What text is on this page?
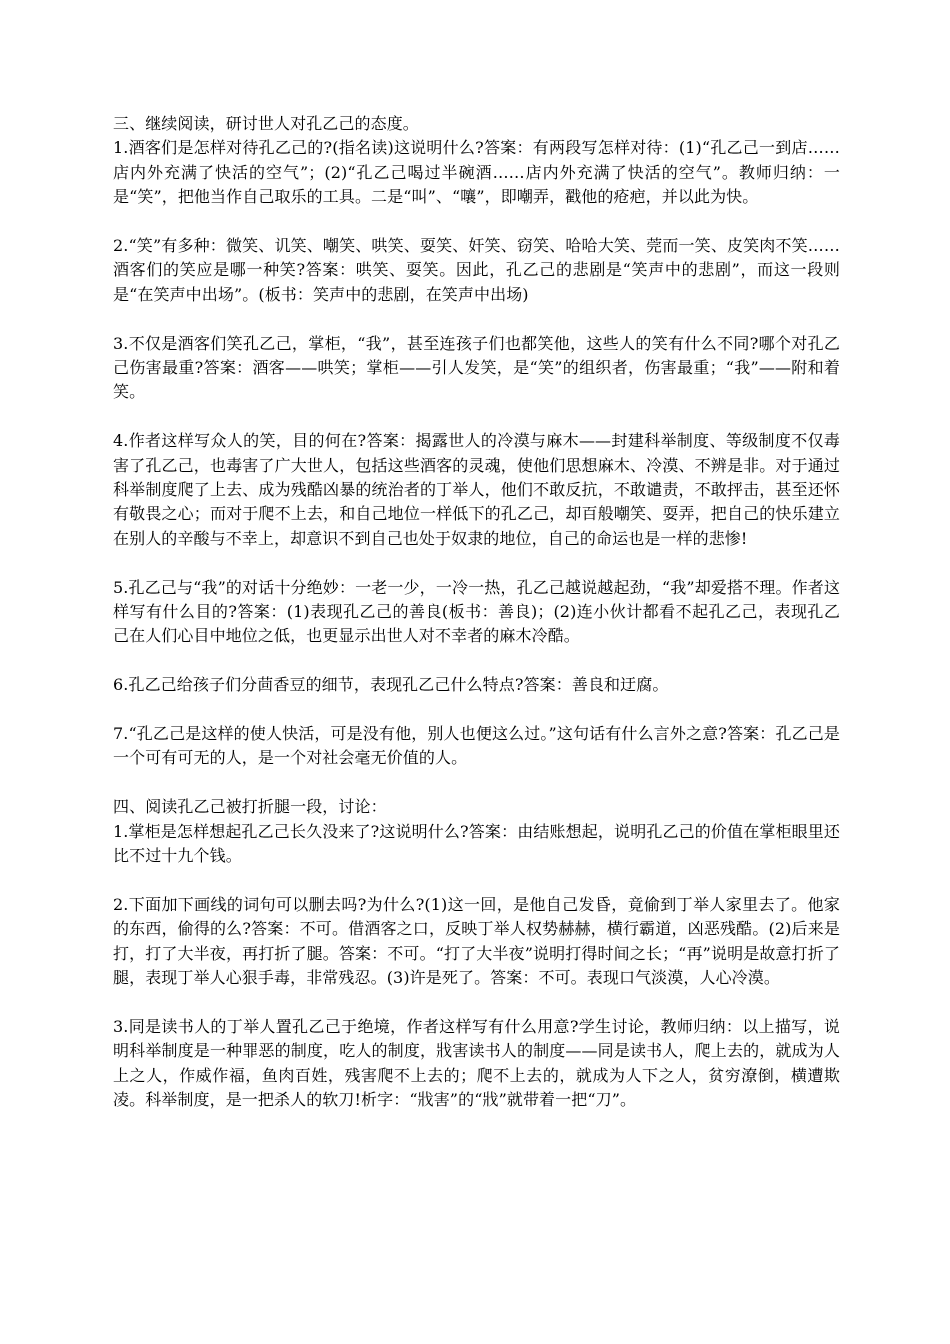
三、继续阅读，研讨世人对孔乙己的态度。

1.酒客们是怎样对待孔乙己的?(指名读)这说明什么?答案：有两段写怎样对待：(1)“孔乙己一到店……店内外充满了快活的空气”；(2)“孔乙己喝过半碗酒……店内外充满了快活的空气”。教师归纳：一是“笑”，把他当作自己取乐的工具。二是“叫”、“嚷”，即嘲弄，戳他的疮疤，并以此为快。

2.“笑”有多种：微笑、讥笑、嘲笑、哄笑、耍笑、奸笑、窃笑、哈哈大笑、莞而一笑、皮笑肉不笑……酒客们的笑应是哪一种笑?答案：哄笑、耍笑。因此，孔乙己的悲剧是“笑声中的悲剧”，而这一段则是“在笑声中出场”。(板书：笑声中的悲剧，在笑声中出场)

3.不仅是酒客们笑孔乙己，掌柜，“我”，甚至连孩子们也都笑他，这些人的笑有什么不同?哪个对孔乙己伤害最重?答案：酒客——哄笑；掌柜——引人发笑，是“笑”的组织者，伤害最重；“我”——附和着笑。

4.作者这样写众人的笑，目的何在?答案：揭露世人的冷漠与麻木——封建科举制度、等级制度不仅毒害了孔乙己，也毒害了广大世人，包括这些酒客的灵魂，使他们思想麻木、冷漠、不辨是非。对于通过科举制度爬了上去、成为残酷凶暴的统治者的丁举人，他们不敢反抗，不敢谴责，不敢抨击，甚至还怀有敬畏之心；而对于爬不上去，和自己地位一样低下的孔乙己，却百般嘲笑、耍弄，把自己的快乐建立在别人的辛酸与不幸上，却意识不到自己也处于奴隶的地位，自己的命运也是一样的悲惨!

5.孔乙己与“我”的对话十分绝妙：一老一少，一冷一热，孔乙己越说越起劲，“我”却爱搭不理。作者这样写有什么目的?答案：(1)表现孔乙己的善良(板书：善良)；(2)连小伙计都看不起孔乙己，表现孔乙己在人们心目中地位之低，也更显示出世人对不幸者的麻木冷酷。

6.孔乙己给孩子们分茴香豆的细节，表现孔乙己什么特点?答案：善良和迂腐。

7.“孔乙己是这样的使人快活，可是没有他，别人也便这么过。”这句话有什么言外之意?答案：孔乙己是一个可有可无的人，是一个对社会毫无价值的人。

四、阅读孔乙己被打折腿一段，讨论：

1.掌柜是怎样想起孔乙己长久没来了?这说明什么?答案：由结账想起，说明孔乙己的价值在掌柜眼里还比不过十九个钱。

2.下面加下画线的词句可以删去吗?为什么?(1)这一回，是他自己发昏，竟偷到丁举人家里去了。他家的东西，偷得的么?答案：不可。借酒客之口，反映丁举人权势赫赫，横行霸道，凶恶残酷。(2)后来是打，打了大半夜，再打折了腿。答案：不可。“打了大半夜”说明打得时间之长；“再”说明是故意打折了腿，表现丁举人心狠手毒，非常残忍。(3)许是死了。答案：不可。表现口气淡漠，人心冷漠。

3.同是读书人的丁举人置孔乙己于绝境，作者这样写有什么用意?学生讨论，教师归纳：以上描写，说明科举制度是一种罪恶的制度，吃人的制度，戕害读书人的制度——同是读书人，爬上去的，就成为人上之人，作威作福，鱼肉百姓，残害爬不上去的；爬不上去的，就成为人下之人，贫穷潦倒，横遭欺凌。科举制度，是一把杀人的软刀!析字：“戕害”的“戕”就带着一把“刀”。
